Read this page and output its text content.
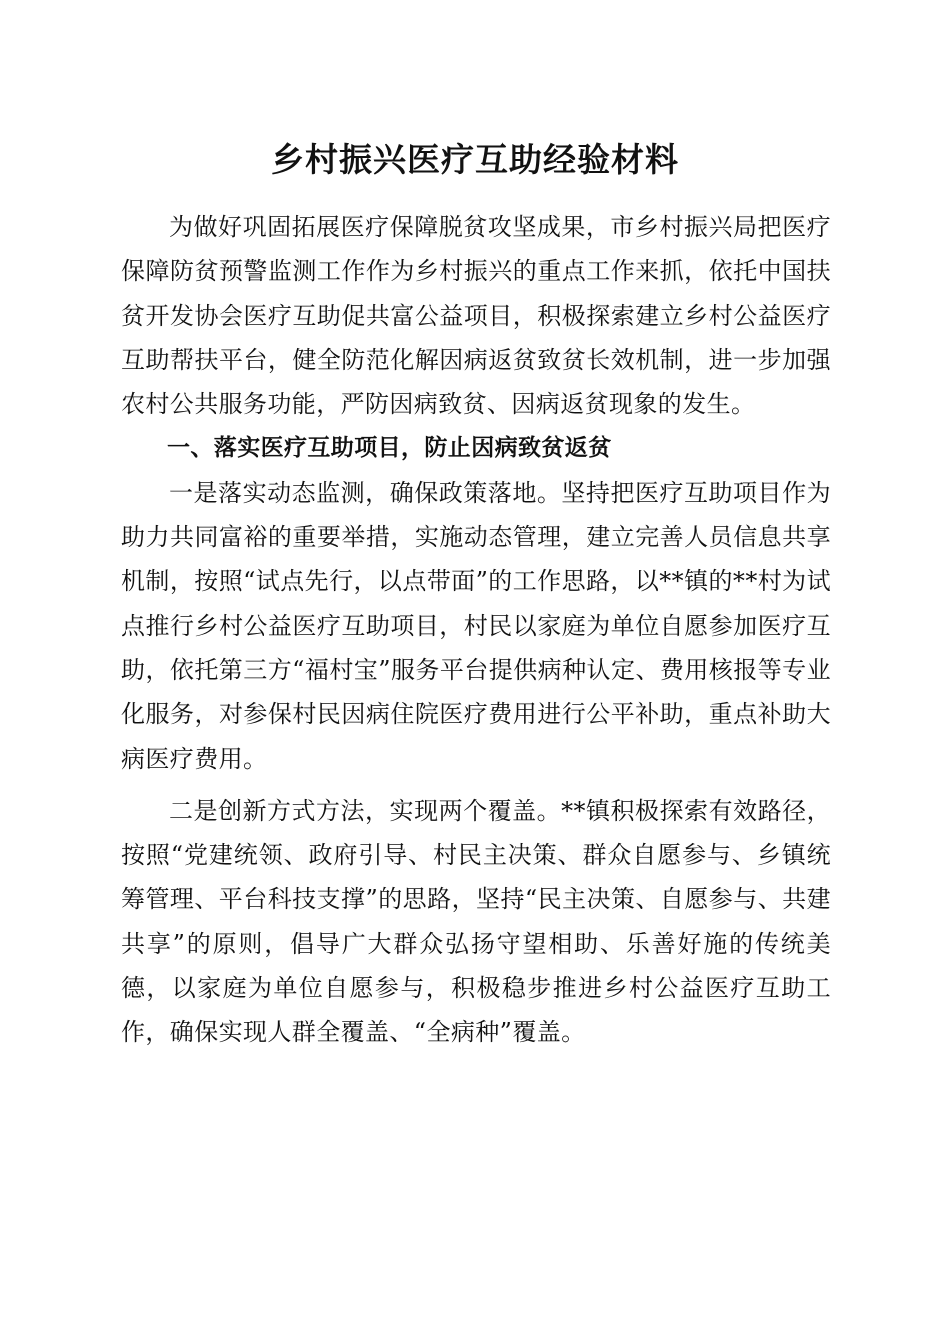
乡村振兴医疗互助经验材料

为做好巩固拓展医疗保障脱贫攻坚成果，市乡村振兴局把医疗保障防贫预警监测工作作为乡村振兴的重点工作来抓，依托中国扶贫开发协会医疗互助促共富公益项目，积极探索建立乡村公益医疗互助帮扶平台，健全防范化解因病返贫致贫长效机制，进一步加强农村公共服务功能，严防因病致贫、因病返贫现象的发生。

一、落实医疗互助项目，防止因病致贫返贫

一是落实动态监测，确保政策落地。坚持把医疗互助项目作为助力共同富裕的重要举措，实施动态管理，建立完善人员信息共享机制，按照“试点先行，以点带面”的工作思路，以**镇的**村为试点推行乡村公益医疗互助项目，村民以家庭为单位自愿参加医疗互助，依托第三方“福村宝”服务平台提供病种认定、费用核报等专业化服务，对参保村民因病住院医疗费用进行公平补助，重点补助大病医疗费用。

二是创新方式方法，实现两个覆盖。**镇积极探索有效路径，按照“党建统领、政府引导、村民主决策、群众自愿参与、乡镇统筹管理、平台科技支撑”的思路，坚持“民主决策、自愿参与、共建共享”的原则，倡导广大群众弘扬守望相助、乐善好施的传统美德，以家庭为单位自愿参与，积极稳步推进乡村公益医疗互助工作，确保实现人群全覆盖、“全病种”覆盖。
